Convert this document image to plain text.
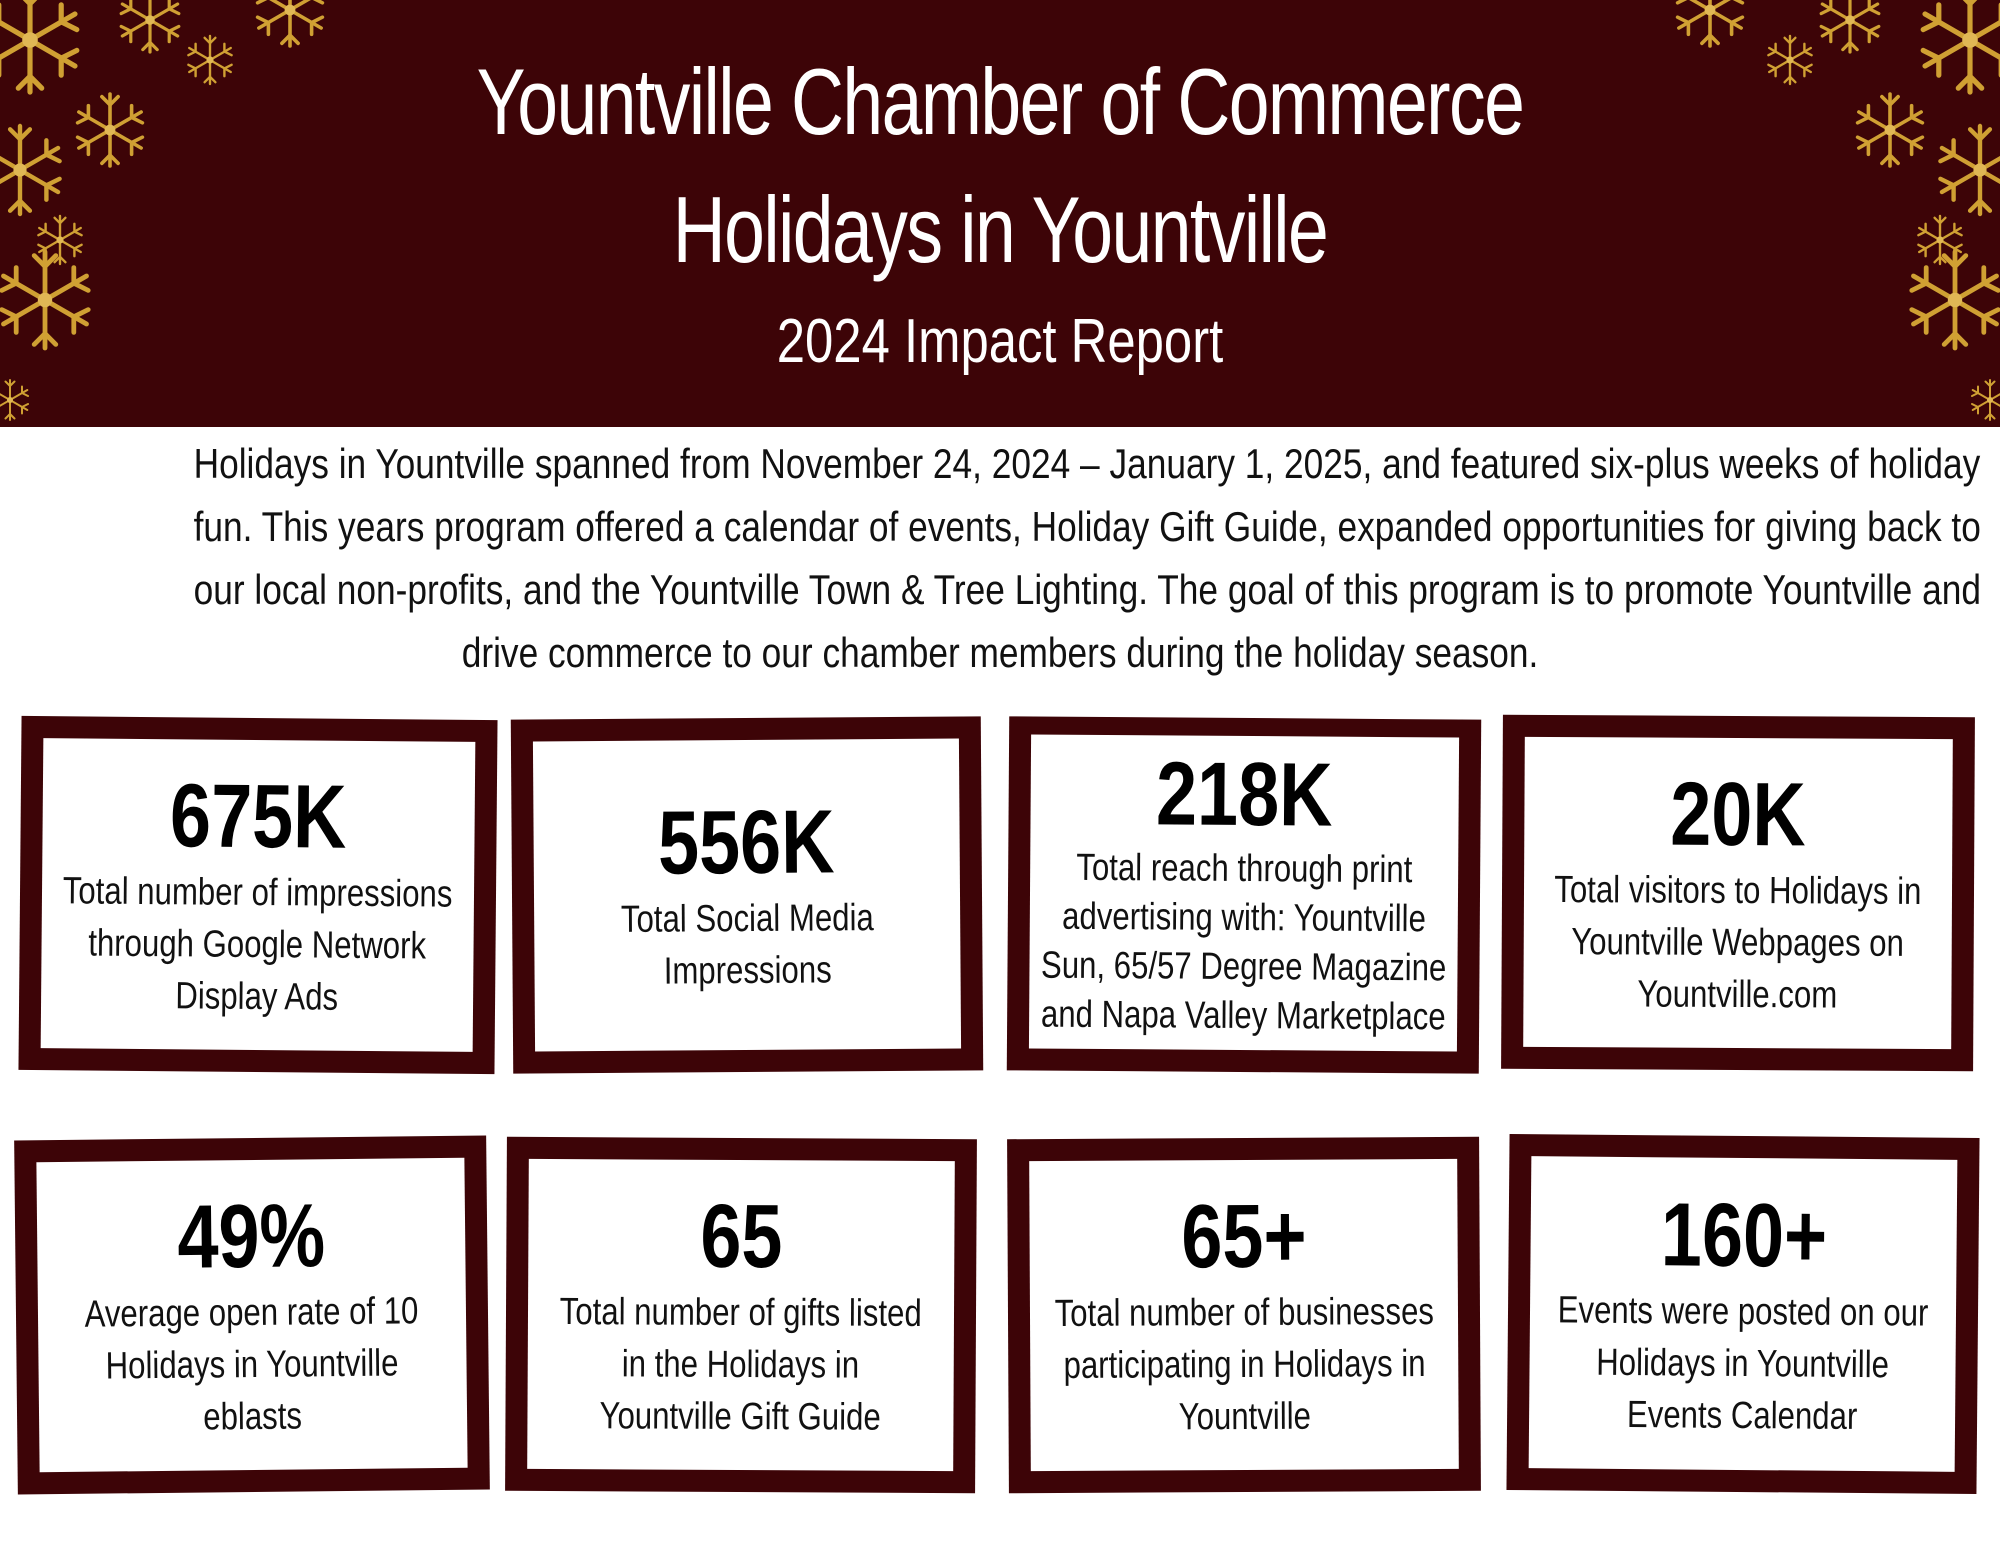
Yountville Chamber of Commerce
Holidays in Yountville
2024 Impact Report
Holidays in Yountville spanned from November 24, 2024 – January 1, 2025, and featured six-plus weeks of holiday
fun. This years program offered a calendar of events, Holiday Gift Guide, expanded opportunities for giving back to
our local non-profits, and the Yountville Town & Tree Lighting. The goal of this program is to promote Yountville and
drive commerce to our chamber members during the holiday season.
675K
Total number of impressions
through Google Network
Display Ads
556K
Total Social Media
Impressions
218K
Total reach through print
advertising with: Yountville
Sun, 65/57 Degree Magazine
and Napa Valley Marketplace
20K
Total visitors to Holidays in
Yountville Webpages on
Yountville.com
49%
Average open rate of 10
Holidays in Yountville
eblasts
65
Total number of gifts listed
in the Holidays in
Yountville Gift Guide
65+
Total number of businesses
participating in Holidays in
Yountville
160+
Events were posted on our
Holidays in Yountville
Events Calendar
